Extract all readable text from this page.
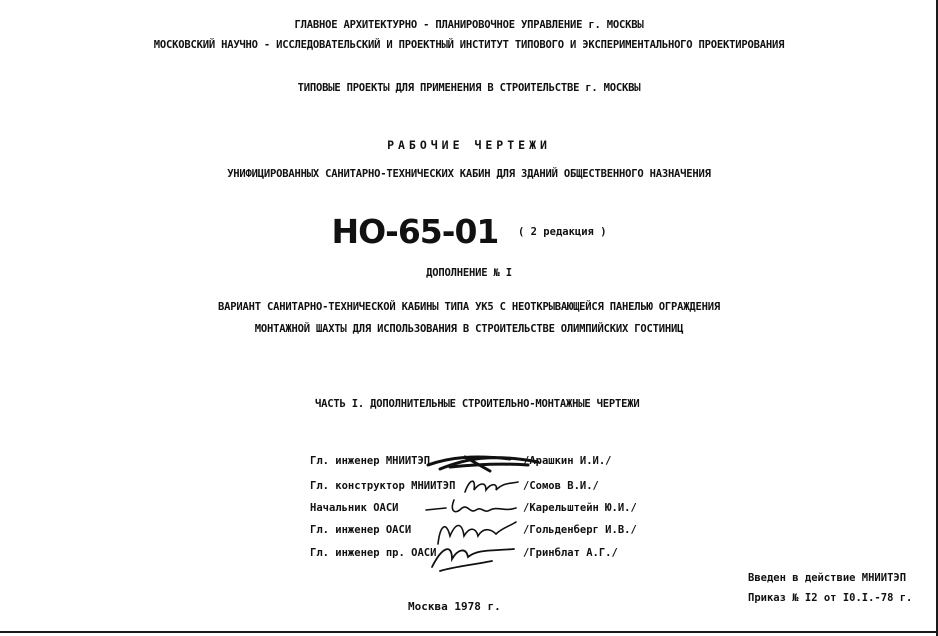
ГЛАВНОЕ АРХИТЕКТУРНО - ПЛАНИРОВОЧНОЕ УПРАВЛЕНИЕ г. МОСКВЫ
МОСКОВСКИЙ НАУЧНО - ИССЛЕДОВАТЕЛЬСКИЙ И ПРОЕКТНЫЙ ИНСТИТУТ ТИПОВОГО И ЭКСПЕРИМЕНТАЛЬНОГО ПРОЕКТИРОВАНИЯ
ТИПОВЫЕ ПРОЕКТЫ ДЛЯ ПРИМЕНЕНИЯ В СТРОИТЕЛЬСТВЕ г. МОСКВЫ
РАБОЧИЕ ЧЕРТЕЖИ
УНИФИЦИРОВАННЫХ САНИТАРНО-ТЕХНИЧЕСКИХ КАБИН ДЛЯ ЗДАНИЙ ОБЩЕСТВЕННОГО НАЗНАЧЕНИЯ
НО-65-01 ( 2 редакция )
ДОПОЛНЕНИЕ № I
ВАРИАНТ САНИТАРНО-ТЕХНИЧЕСКОЙ КАБИНЫ ТИПА УК5 С НЕОТКРЫВАЮЩЕЙСЯ ПАНЕЛЬЮ ОГРАЖДЕНИЯ
МОНТАЖНОЙ ШАХТЫ ДЛЯ ИСПОЛЬЗОВАНИЯ В СТРОИТЕЛЬСТВЕ ОЛИМПИЙСКИХ ГОСТИНИЦ
ЧАСТЬ I. ДОПОЛНИТЕЛЬНЫЕ СТРОИТЕЛЬНО-МОНТАЖНЫЕ ЧЕРТЕЖИ
Гл. инженер МНИИТЭП	/Арашкин И.И./
Гл. конструктор МНИИТЭП	/Сомов В.И./
Начальник ОАСИ	/Карельштейн Ю.И./
Гл. инженер ОАСИ	/Гольденберг И.В./
Гл. инженер пр. ОАСИ	/Гринблат А.Г./
Москва 1978 г.
Введен в действие МНИИТЭП
Приказ № I2 от I0.I.-78 г.
